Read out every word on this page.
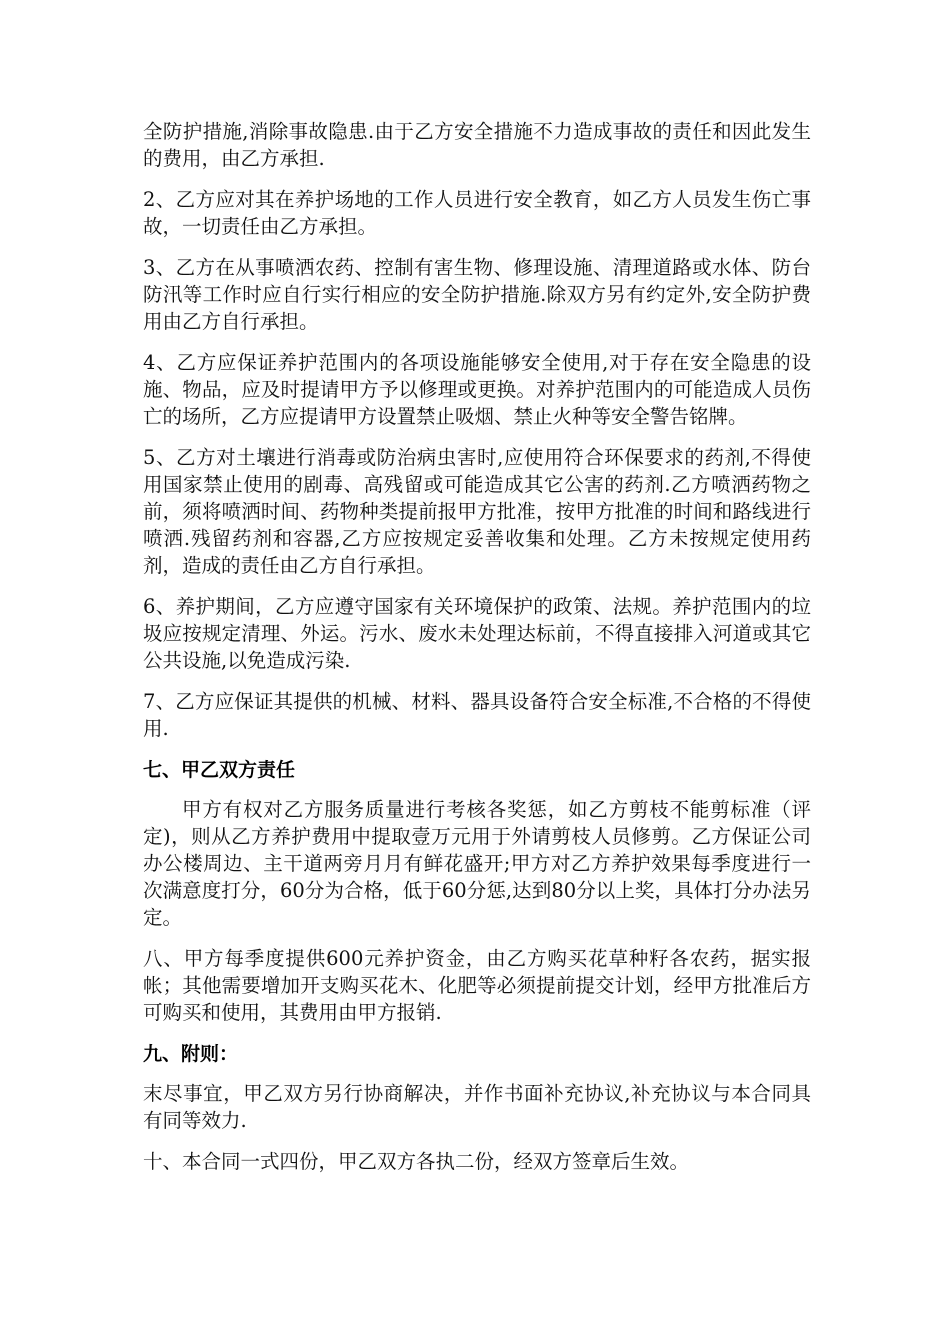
全防护措施,消除事故隐患.由于乙方安全措施不力造成事故的责任和因此发生的费用，由乙方承担.

2、乙方应对其在养护场地的工作人员进行安全教育，如乙方人员发生伤亡事故，一切责任由乙方承担。

3、乙方在从事喷洒农药、控制有害生物、修理设施、清理道路或水体、防台防汛等工作时应自行实行相应的安全防护措施.除双方另有约定外,安全防护费用由乙方自行承担。

4、乙方应保证养护范围内的各项设施能够安全使用,对于存在安全隐患的设施、物品，应及时提请甲方予以修理或更换。对养护范围内的可能造成人员伤亡的场所，乙方应提请甲方设置禁止吸烟、禁止火种等安全警告铭牌。

5、乙方对土壤进行消毒或防治病虫害时,应使用符合环保要求的药剂,不得使用国家禁止使用的剧毒、高残留或可能造成其它公害的药剂.乙方喷洒药物之前，须将喷洒时间、药物种类提前报甲方批准，按甲方批准的时间和路线进行喷洒.残留药剂和容器,乙方应按规定妥善收集和处理。乙方未按规定使用药剂，造成的责任由乙方自行承担。

6、养护期间，乙方应遵守国家有关环境保护的政策、法规。养护范围内的垃圾应按规定清理、外运。污水、废水未处理达标前，不得直接排入河道或其它公共设施,以免造成污染.

7、乙方应保证其提供的机械、材料、器具设备符合安全标准,不合格的不得使用.

七、甲乙双方责任

甲方有权对乙方服务质量进行考核各奖惩，如乙方剪枝不能剪标准（评定)，则从乙方养护费用中提取壹万元用于外请剪枝人员修剪。乙方保证公司办公楼周边、主干道两旁月月有鲜花盛开;甲方对乙方养护效果每季度进行一次满意度打分，60分为合格，低于60分惩,达到80分以上奖，具体打分办法另定。

八、甲方每季度提供600元养护资金，由乙方购买花草种籽各农药，据实报帐；其他需要增加开支购买花木、化肥等必须提前提交计划，经甲方批准后方可购买和使用，其费用由甲方报销.

九、附则：

末尽事宜，甲乙双方另行协商解决，并作书面补充协议,补充协议与本合同具有同等效力.

十、本合同一式四份，甲乙双方各执二份，经双方签章后生效。
